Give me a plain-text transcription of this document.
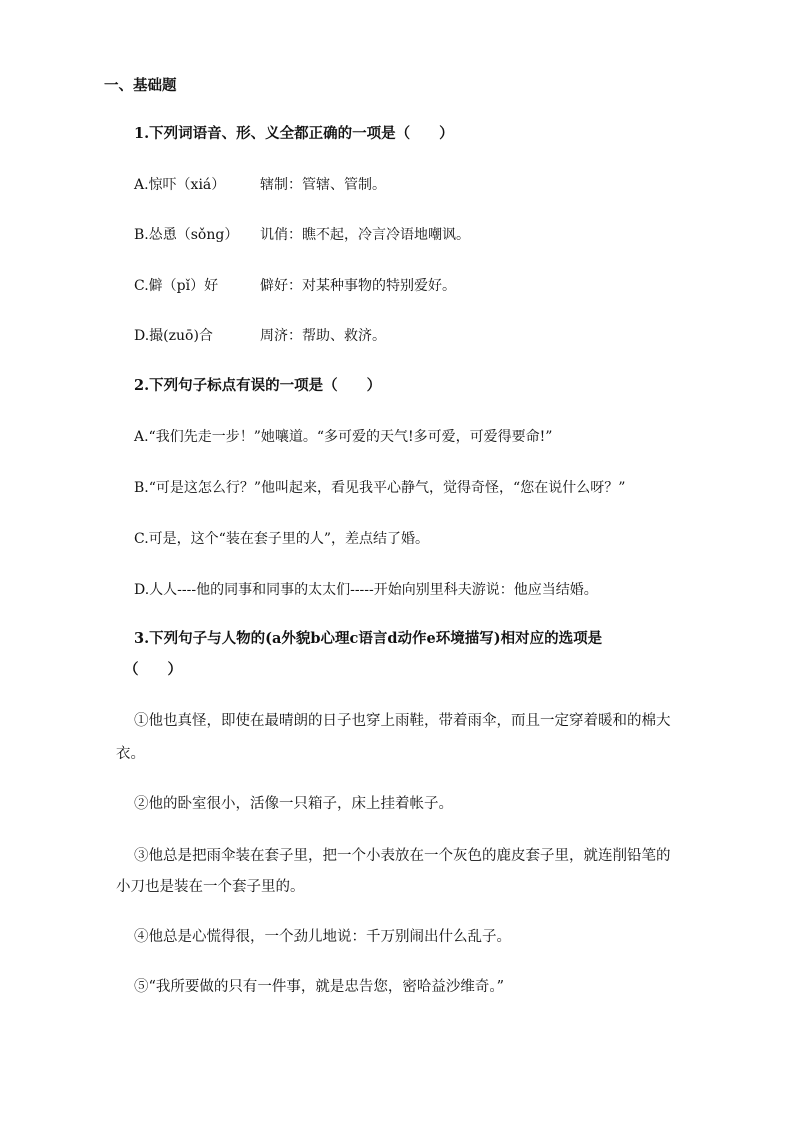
一、基础题
1.下列词语音、形、义全都正确的一项是（　　）
A.惊吓（xiá） 辖制：管辖、管制。
B.怂恿（sǒng） 讥俏：瞧不起，冷言冷语地嘲讽。
C.僻（pǐ）好	僻好：对某种事物的特别爱好。
D.撮(zuō)合	周济：帮助、救济。
2.下列句子标点有误的一项是（　　）
A.“我们先走一步！”她嚷道。“多可爱的天气!多可爱，可爱得要命!”
B.“可是这怎么行？”他叫起来，看见我平心静气，觉得奇怪，“您在说什么呀？”
C.可是，这个“装在套子里的人”，差点结了婚。
D.人人----他的同事和同事的太太们-----开始向别里科夫游说：他应当结婚。
3.下列句子与人物的(a外貌b心理c语言d动作e环境描写)相对应的选项是
（　　）
①他也真怪，即使在最晴朗的日子也穿上雨鞋，带着雨伞，而且一定穿着暖和的棉大
衣。
②他的卧室很小，活像一只箱子，床上挂着帐子。
③他总是把雨伞装在套子里，把一个小表放在一个灰色的鹿皮套子里，就连削铅笔的
小刀也是装在一个套子里的。
④他总是心慌得很，一个劲儿地说：千万别闹出什么乱子。
⑤“我所要做的只有一件事，就是忠告您，密哈益沙维奇。”
